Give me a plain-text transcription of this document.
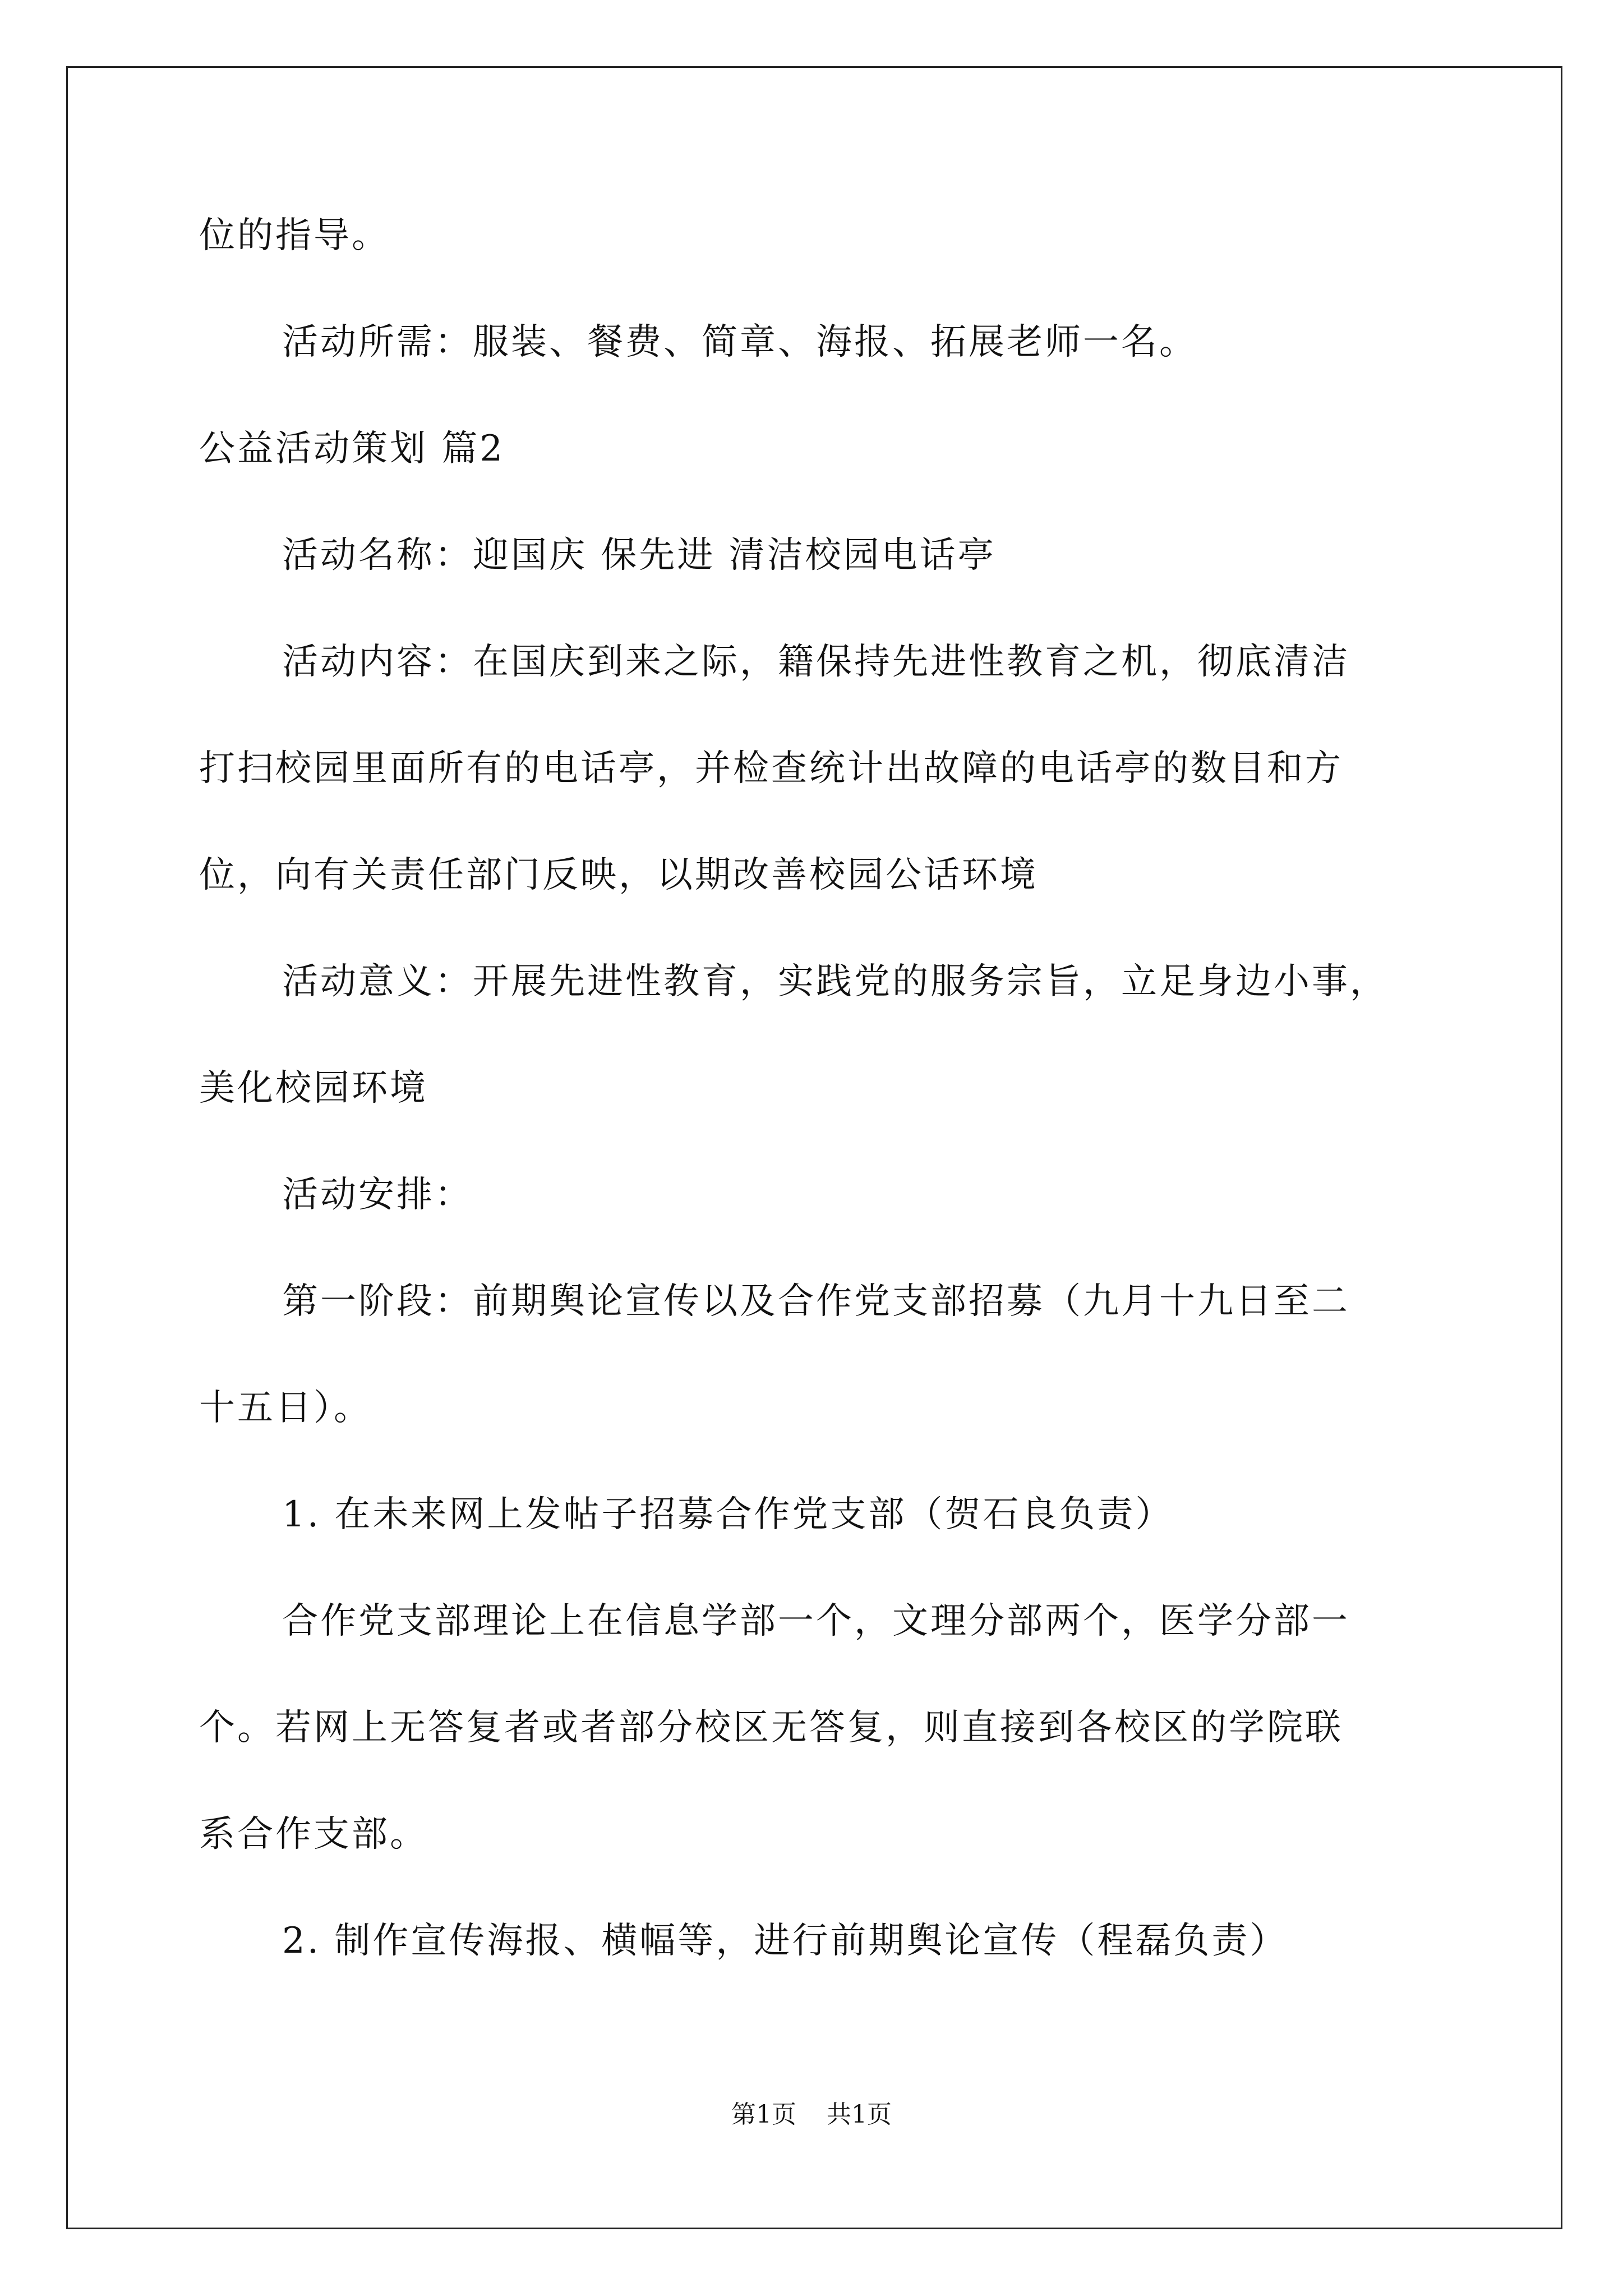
位的指导。
活动所需：服装、餐费、简章、海报、拓展老师一名。
公益活动策划 篇2
活动名称：迎国庆 保先进 清洁校园电话亭
活动内容：在国庆到来之际，籍保持先进性教育之机，彻底清洁
打扫校园里面所有的电话亭，并检查统计出故障的电话亭的数目和方
位，向有关责任部门反映，以期改善校园公话环境
活动意义：开展先进性教育，实践党的服务宗旨，立足身边小事，
美化校园环境
活动安排：
第一阶段：前期舆论宣传以及合作党支部招募（九月十九日至二
十五日）。
1. 在未来网上发帖子招募合作党支部（贺石良负责）
合作党支部理论上在信息学部一个，文理分部两个，医学分部一
个。若网上无答复者或者部分校区无答复，则直接到各校区的学院联
系合作支部。
2. 制作宣传海报、横幅等，进行前期舆论宣传（程磊负责）
第1页 共1页
